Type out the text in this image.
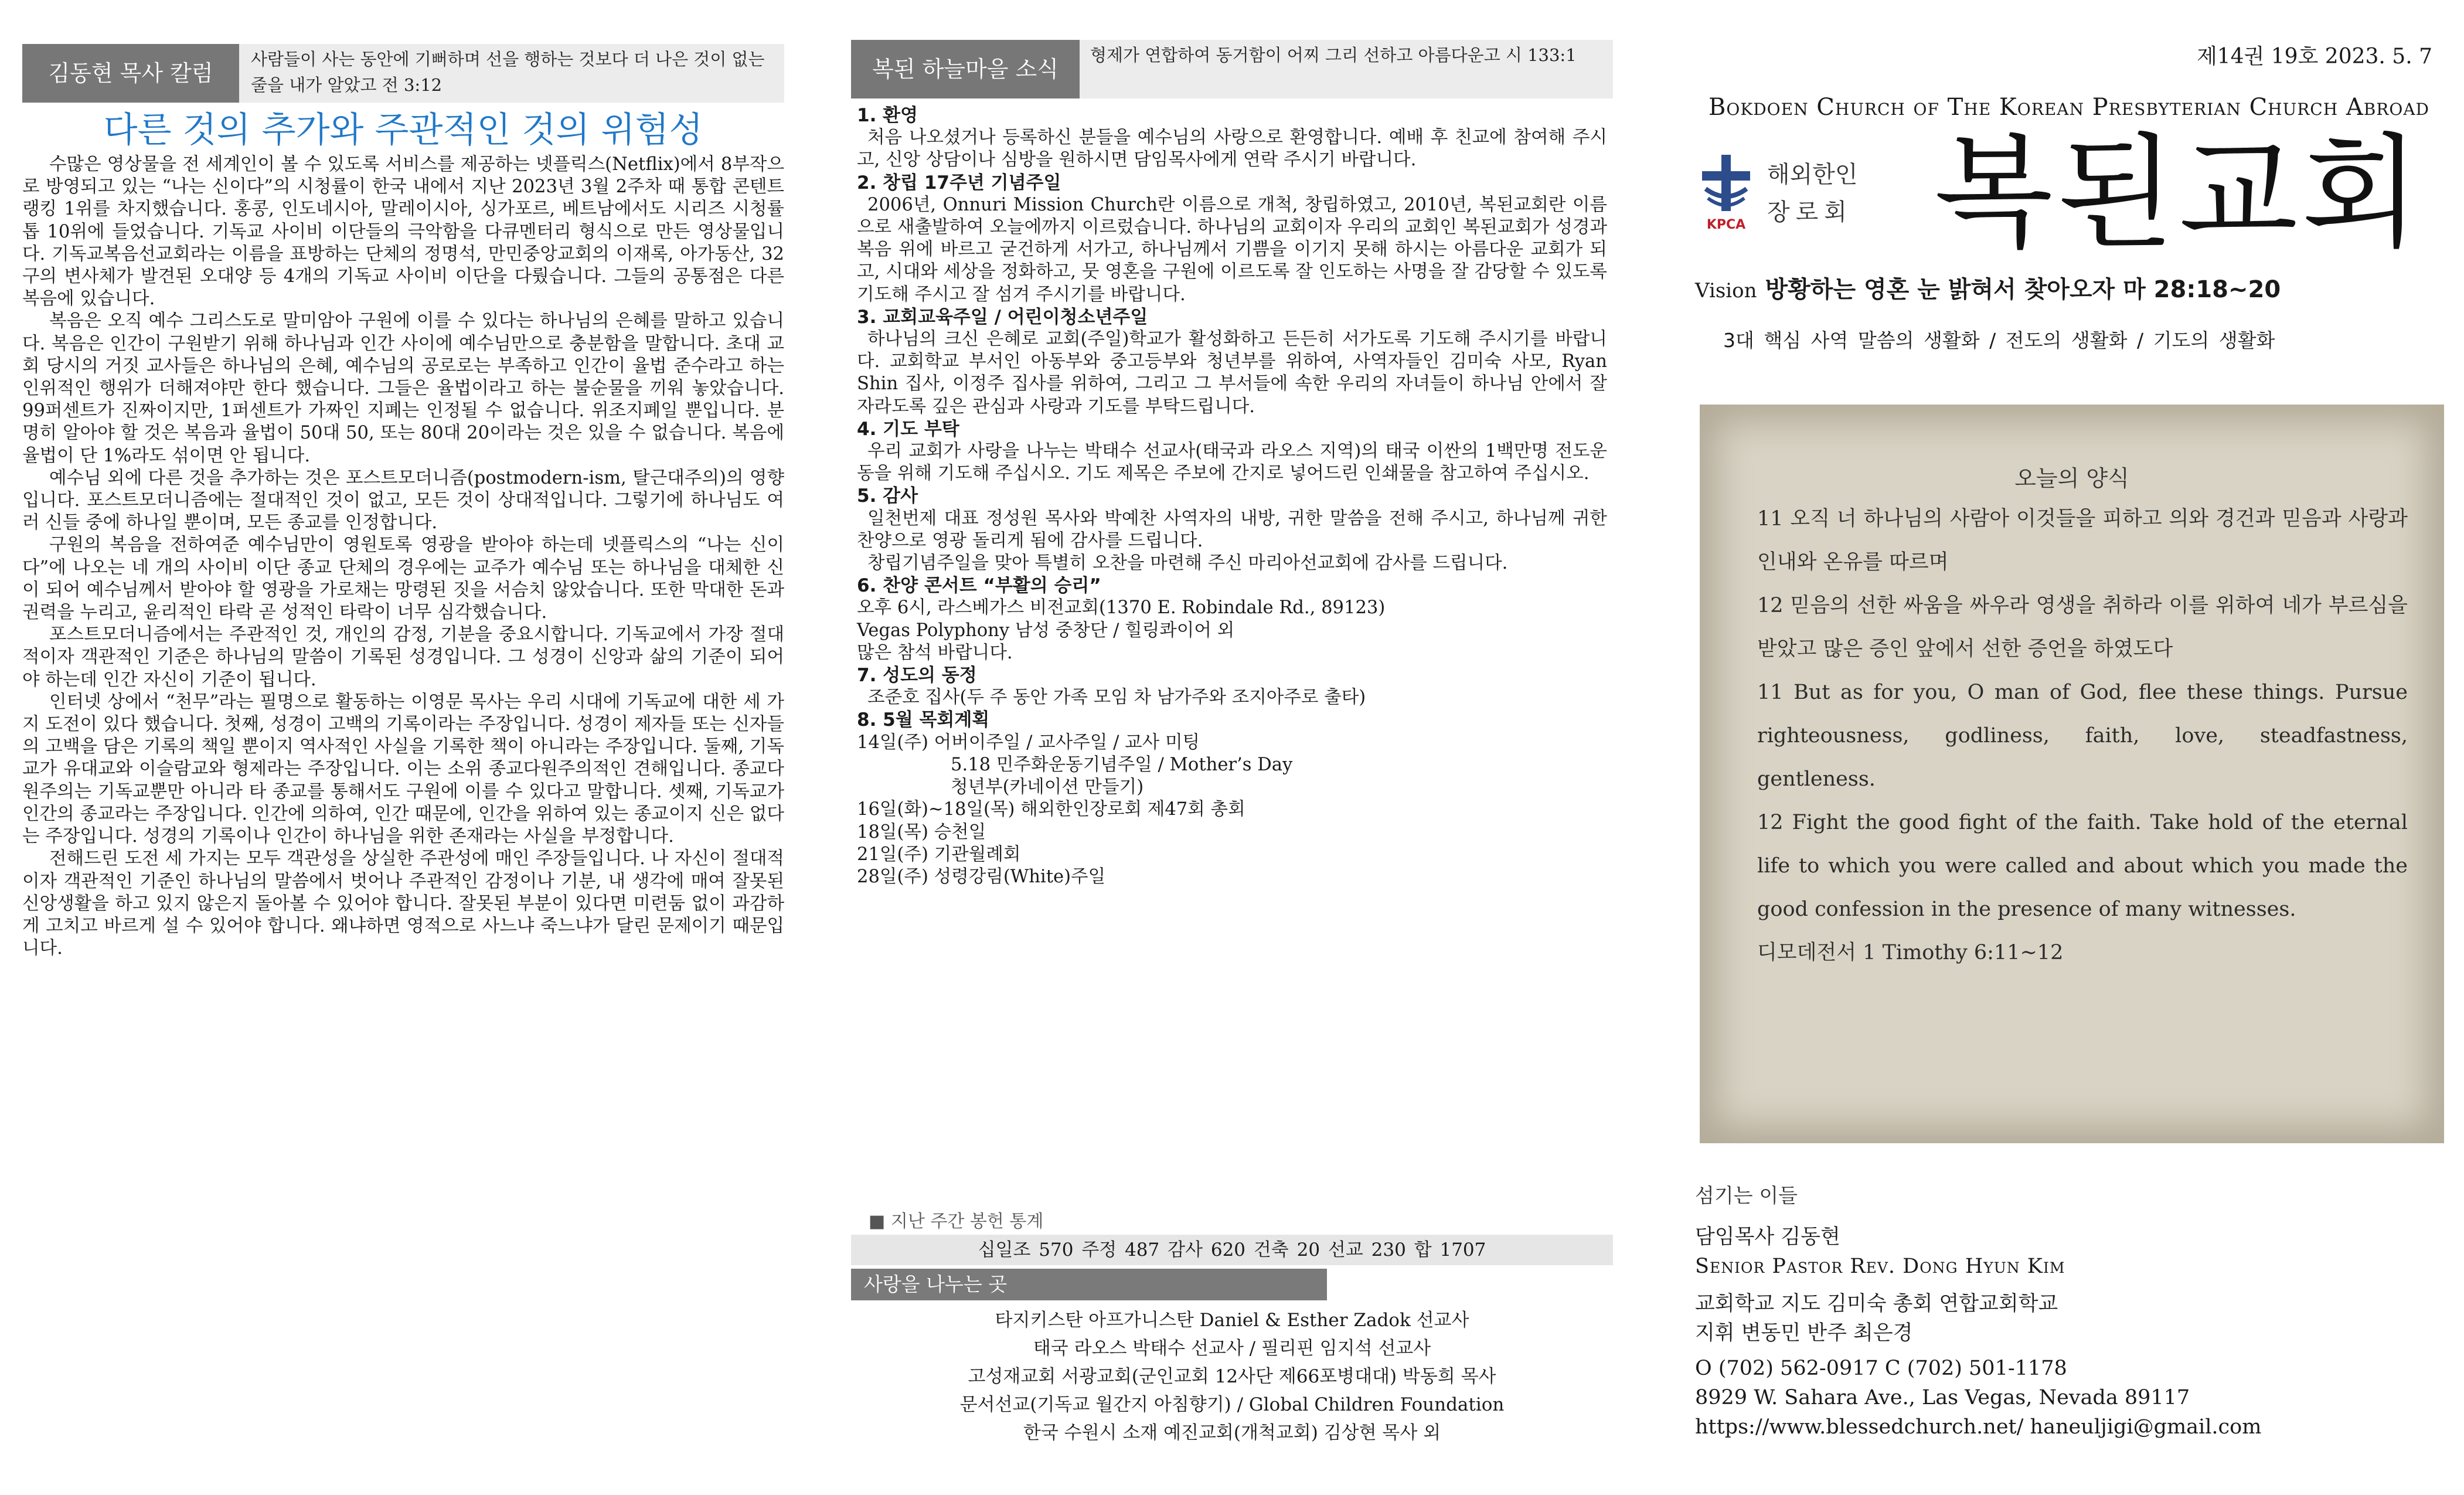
김동현 목사 칼럼
사람들이 사는 동안에 기뻐하며 선을 행하는 것보다 더 나은 것이 없는 줄을 내가 알았고 전 3:12
다른 것의 추가와 주관적인 것의 위험성

수많은 영상물을 전 세계인이 볼 수 있도록 서비스를 제공하는 넷플릭스(Netflix)에서 8부작으로 방영되고 있는 “나는 신이다”의 시청률이 한국 내에서 지난 2023년 3월 2주차 때 통합 콘텐트 랭킹 1위를 차지했습니다. 홍콩, 인도네시아, 말레이시아, 싱가포르, 베트남에서도 시리즈 시청률 톱 10위에 들었습니다. 기독교 사이비 이단들의 극악함을 다큐멘터리 형식으로 만든 영상물입니다. 기독교복음선교회라는 이름을 표방하는 단체의 정명석, 만민중앙교회의 이재록, 아가동산, 32구의 변사체가 발견된 오대양 등 4개의 기독교 사이비 이단을 다뤘습니다. 그들의 공통점은 다른 복음에 있습니다.

복음은 오직 예수 그리스도로 말미암아 구원에 이를 수 있다는 하나님의 은혜를 말하고 있습니다. 복음은 인간이 구원받기 위해 하나님과 인간 사이에 예수님만으로 충분함을 말합니다. 초대 교회 당시의 거짓 교사들은 하나님의 은혜, 예수님의 공로로는 부족하고 인간이 율법 준수라고 하는 인위적인 행위가 더해져야만 한다 했습니다. 그들은 율법이라고 하는 불순물을 끼워 놓았습니다. 99퍼센트가 진짜이지만, 1퍼센트가 가짜인 지폐는 인정될 수 없습니다. 위조지폐일 뿐입니다. 분명히 알아야 할 것은 복음과 율법이 50대 50, 또는 80대 20이라는 것은 있을 수 없습니다. 복음에 율법이 단 1%라도 섞이면 안 됩니다.

예수님 외에 다른 것을 추가하는 것은 포스트모더니즘(postmodern-ism, 탈근대주의)의 영향입니다. 포스트모더니즘에는 절대적인 것이 없고, 모든 것이 상대적입니다. 그렇기에 하나님도 여러 신들 중에 하나일 뿐이며, 모든 종교를 인정합니다.

구원의 복음을 전하여준 예수님만이 영원토록 영광을 받아야 하는데 넷플릭스의 “나는 신이다”에 나오는 네 개의 사이비 이단 종교 단체의 경우에는 교주가 예수님 또는 하나님을 대체한 신이 되어 예수님께서 받아야 할 영광을 가로채는 망령된 짓을 서슴치 않았습니다. 또한 막대한 돈과 권력을 누리고, 윤리적인 타락 곧 성적인 타락이 너무 심각했습니다.

포스트모더니즘에서는 주관적인 것, 개인의 감정, 기분을 중요시합니다. 기독교에서 가장 절대적이자 객관적인 기준은 하나님의 말씀이 기록된 성경입니다. 그 성경이 신앙과 삶의 기준이 되어야 하는데 인간 자신이 기준이 됩니다.

인터넷 상에서 “천무”라는 필명으로 활동하는 이영문 목사는 우리 시대에 기독교에 대한 세 가지 도전이 있다 했습니다. 첫째, 성경이 고백의 기록이라는 주장입니다. 성경이 제자들 또는 신자들의 고백을 담은 기록의 책일 뿐이지 역사적인 사실을 기록한 책이 아니라는 주장입니다. 둘째, 기독교가 유대교와 이슬람교와 형제라는 주장입니다. 이는 소위 종교다원주의적인 견해입니다. 종교다원주의는 기독교뿐만 아니라 타 종교를 통해서도 구원에 이를 수 있다고 말합니다. 셋째, 기독교가 인간의 종교라는 주장입니다. 인간에 의하여, 인간 때문에, 인간을 위하여 있는 종교이지 신은 없다는 주장입니다. 성경의 기록이나 인간이 하나님을 위한 존재라는 사실을 부정합니다.

전해드린 도전 세 가지는 모두 객관성을 상실한 주관성에 매인 주장들입니다. 나 자신이 절대적이자 객관적인 기준인 하나님의 말씀에서 벗어나 주관적인 감정이나 기분, 내 생각에 매여 잘못된 신앙생활을 하고 있지 않은지 돌아볼 수 있어야 합니다. 잘못된 부분이 있다면 미련둠 없이 과감하게 고치고 바르게 설 수 있어야 합니다. 왜냐하면 영적으로 사느냐 죽느냐가 달린 문제이기 때문입니다.

복된 하늘마을 소식
형제가 연합하여 동거함이 어찌 그리 선하고 아름다운고 시 133:1
1. 환영
처음 나오셨거나 등록하신 분들을 예수님의 사랑으로 환영합니다. 예배 후 친교에 참여해 주시고, 신앙 상담이나 심방을 원하시면 담임목사에게 연락 주시기 바랍니다.
2. 창립 17주년 기념주일
2006년, Onnuri Mission Church란 이름으로 개척, 창립하였고, 2010년, 복된교회란 이름으로 새출발하여 오늘에까지 이르렀습니다. 하나님의 교회이자 우리의 교회인 복된교회가 성경과 복음 위에 바르고 굳건하게 서가고, 하나님께서 기쁨을 이기지 못해 하시는 아름다운 교회가 되고, 시대와 세상을 정화하고, 뭇 영혼을 구원에 이르도록 잘 인도하는 사명을 잘 감당할 수 있도록 기도해 주시고 잘 섬겨 주시기를 바랍니다.
3. 교회교육주일 / 어린이청소년주일
하나님의 크신 은혜로 교회(주일)학교가 활성화하고 든든히 서가도록 기도해 주시기를 바랍니다. 교회학교 부서인 아동부와 중고등부와 청년부를 위하여, 사역자들인 김미숙 사모, Ryan Shin 집사, 이정주 집사를 위하여, 그리고 그 부서들에 속한 우리의 자녀들이 하나님 안에서 잘 자라도록 깊은 관심과 사랑과 기도를 부탁드립니다.
4. 기도 부탁
우리 교회가 사랑을 나누는 박태수 선교사(태국과 라오스 지역)의 태국 이싼의 1백만명 전도운동을 위해 기도해 주십시오. 기도 제목은 주보에 간지로 넣어드린 인쇄물을 참고하여 주십시오.
5. 감사
일천번제 대표 정성원 목사와 박예찬 사역자의 내방, 귀한 말씀을 전해 주시고, 하나님께 귀한 찬양으로 영광 돌리게 됨에 감사를 드립니다.
창립기념주일을 맞아 특별히 오찬을 마련해 주신 마리아선교회에 감사를 드립니다.
6. 찬양 콘서트 “부활의 승리”
오후 6시, 라스베가스 비전교회(1370 E. Robindale Rd., 89123)
Vegas Polyphony 남성 중창단 / 힐링콰이어 외
많은 참석 바랍니다.
7. 성도의 동정
조준호 집사(두 주 동안 가족 모임 차 남가주와 조지아주로 출타)
8. 5월 목회계획
14일(주) 어버이주일 / 교사주일 / 교사 미팅
5.18 민주화운동기념주일 / Mother’s Day
청년부(카네이션 만들기)
16일(화)~18일(목) 해외한인장로회 제47회 총회
18일(목) 승천일
21일(주) 기관월례회
28일(주) 성령강림(White)주일
■ 지난 주간 봉헌 통계
십일조 570 주정 487 감사 620 건축 20 선교 230 합 1707
사랑을 나누는 곳
타지키스탄 아프가니스탄 Daniel & Esther Zadok 선교사
태국 라오스 박태수 선교사 / 필리핀 임지석 선교사
고성재교회 서광교회(군인교회 12사단 제66포병대대) 박동희 목사
문서선교(기독교 월간지 아침향기) / Global Children Foundation
한국 수원시 소재 예진교회(개척교회) 김상현 목사 외
제14권 19호 2023. 5. 7
Bokdoen Church of The Korean Presbyterian Church Abroad
KPCA
해외한인
장로회 복된교회
Vision 방황하는 영혼 눈 밝혀서 찾아오자 마 28:18~20
3대 핵심 사역 말씀의 생활화 / 전도의 생활화 / 기도의 생활화
오늘의 양식

11 오직 너 하나님의 사람아 이것들을 피하고 의와 경건과 믿음과 사랑과 인내와 온유를 따르며

12 믿음의 선한 싸움을 싸우라 영생을 취하라 이를 위하여 네가 부르심을 받았고 많은 증인 앞에서 선한 증언을 하였도다

11 But as for you, O man of God, flee these things. Pursue righteousness, godliness, faith, love, steadfastness, gentleness.

12 Fight the good fight of the faith. Take hold of the eternal life to which you were called and about which you made the good confession in the presence of many witnesses.

디모데전서 1 Timothy 6:11~12

섬기는 이들
담임목사 김동현
Senior Pastor Rev. Dong Hyun Kim
교회학교 지도 김미숙 총회 연합교회학교
지휘 변동민 반주 최은경
O (702) 562-0917 C (702) 501-1178
8929 W. Sahara Ave., Las Vegas, Nevada 89117
https://www.blessedchurch.net/ haneuljigi@gmail.com
